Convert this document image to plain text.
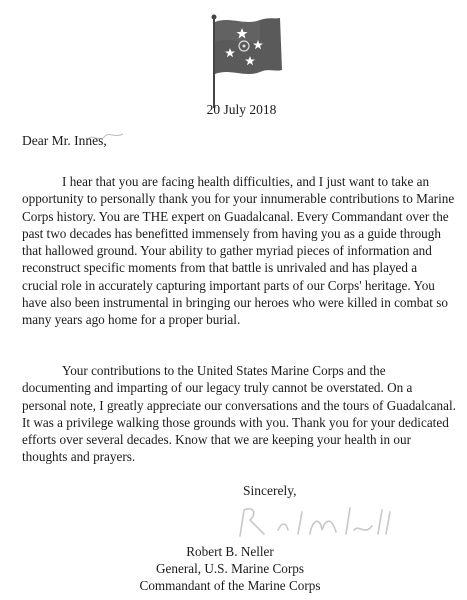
20 July 2018
Dear Mr. Innes,

I hear that you are facing health difficulties, and I just want to take an opportunity to personally thank you for your innumerable contributions to Marine Corps history. You are THE expert on Guadalcanal. Every Commandant over the past two decades has benefitted immensely from having you as a guide through that hallowed ground. Your ability to gather myriad pieces of information and reconstruct specific moments from that battle is unrivaled and has played a crucial role in accurately capturing important parts of our Corps' heritage. You have also been instrumental in bringing our heroes who were killed in combat so many years ago home for a proper burial.

Your contributions to the United States Marine Corps and the documenting and imparting of our legacy truly cannot be overstated. On a personal note, I greatly appreciate our conversations and the tours of Guadalcanal. It was a privilege walking those grounds with you. Thank you for your dedicated efforts over several decades. Know that we are keeping your health in our thoughts and prayers.

Sincerely,
Robert B. Neller
General, U.S. Marine Corps
Commandant of the Marine Corps
